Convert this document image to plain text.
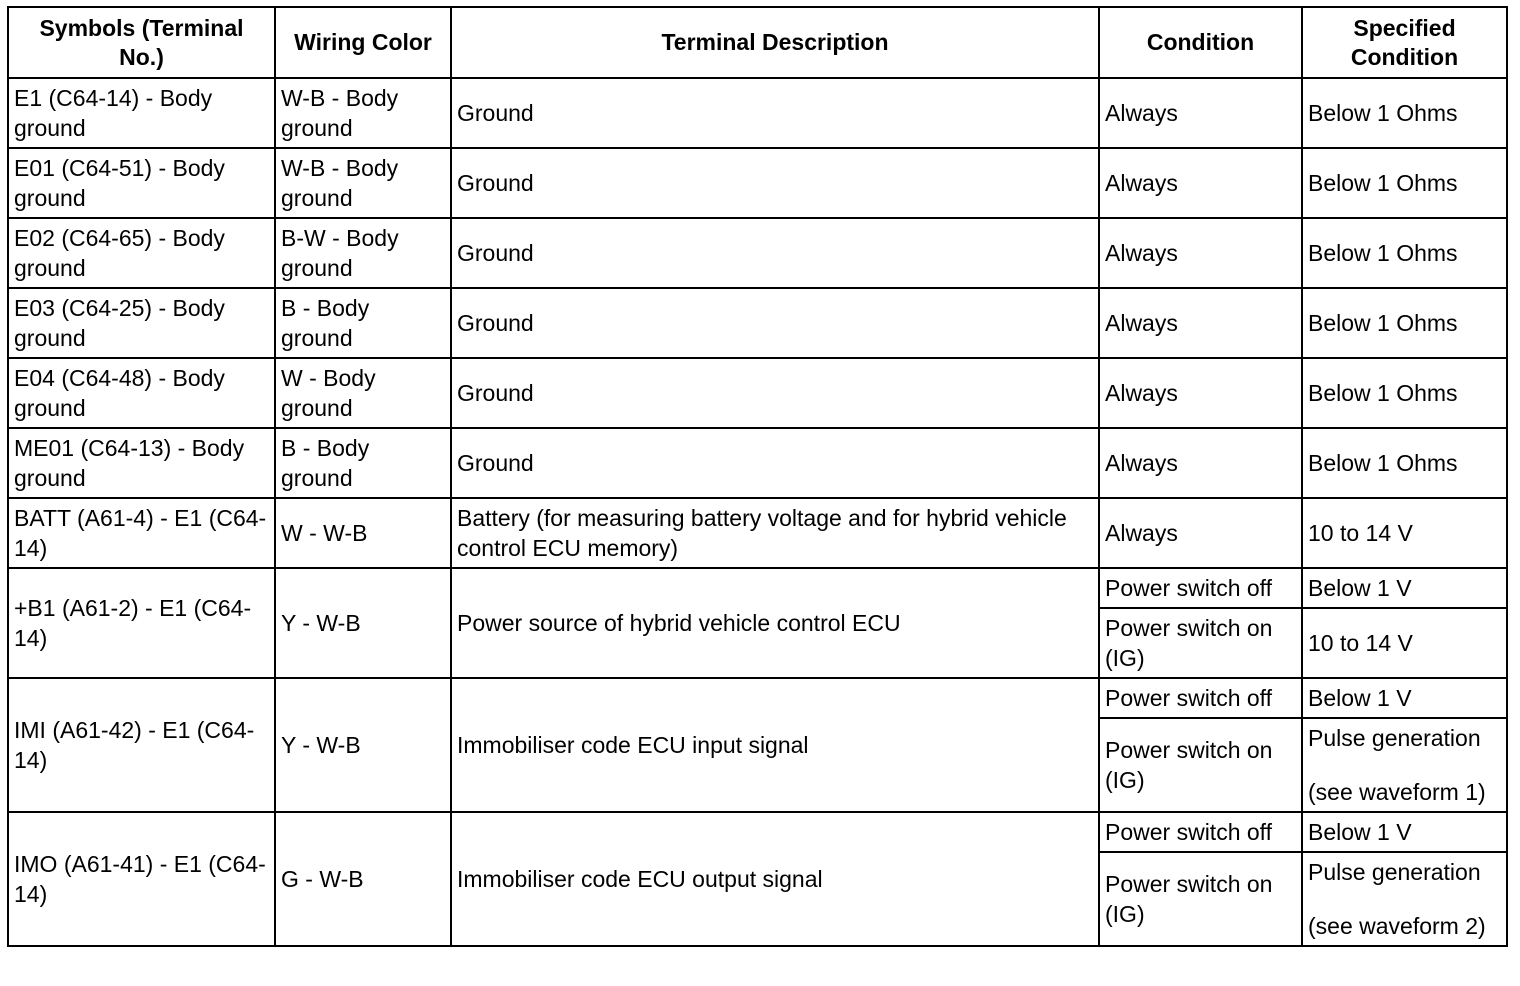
Symbols (Terminal No.)	Wiring Color	Terminal Description	Condition	Specified Condition
E1 (C64-14) - Body ground	W-B - Body ground	Ground	Always	Below 1 Ohms
E01 (C64-51) - Body ground	W-B - Body ground	Ground	Always	Below 1 Ohms
E02 (C64-65) - Body ground	B-W - Body ground	Ground	Always	Below 1 Ohms
E03 (C64-25) - Body ground	B - Body ground	Ground	Always	Below 1 Ohms
E04 (C64-48) - Body ground	W - Body ground	Ground	Always	Below 1 Ohms
ME01 (C64-13) - Body ground	B - Body ground	Ground	Always	Below 1 Ohms
BATT (A61-4) - E1 (C64-14)	W - W-B	Battery (for measuring battery voltage and for hybrid vehicle control ECU memory)	Always	10 to 14 V
+B1 (A61-2) - E1 (C64-14)	Y - W-B	Power source of hybrid vehicle control ECU	Power switch off	Below 1 V
			Power switch on (IG)	10 to 14 V
IMI (A61-42) - E1 (C64-14)	Y - W-B	Immobiliser code ECU input signal	Power switch off	Below 1 V
			Power switch on (IG)	Pulse generation
(see waveform 1)

IMO (A61-41) - E1 (C64-14)	G - W-B	Immobiliser code ECU output signal	Power switch off	Below 1 V
			Power switch on (IG)	Pulse generation
(see waveform 2)
